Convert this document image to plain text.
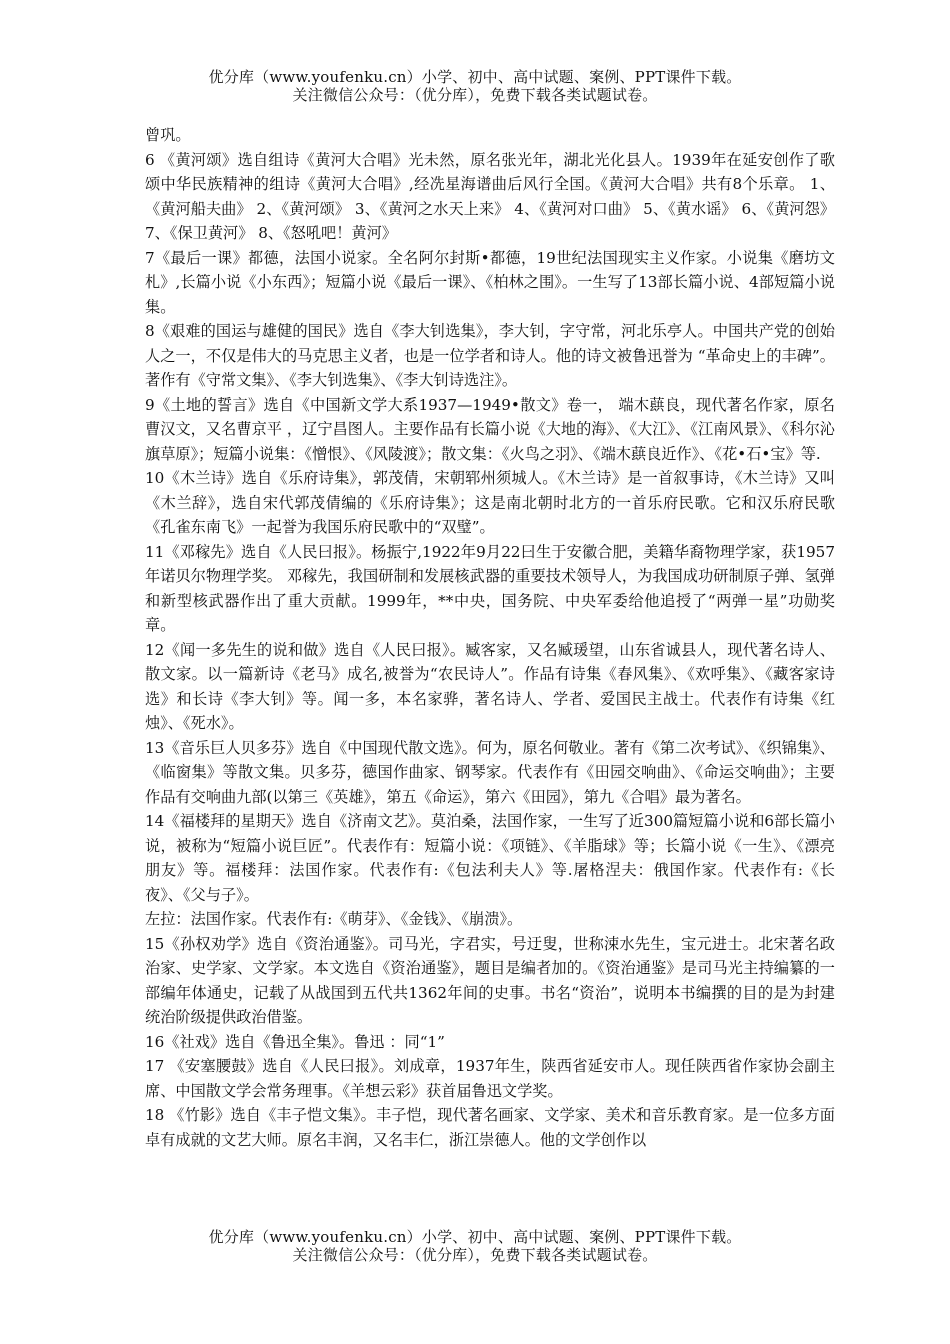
优分库（www.youfenku.cn）小学、初中、高中试题、案例、PPT课件下载。
关注微信公众号：（优分库），免费下载各类试题试卷。

曾巩。

6 《黄河颂》选自组诗《黄河大合唱》光未然，原名张光年，湖北光化县人。1939年在延安创作了歌颂中华民族精神的组诗《黄河大合唱》,经冼星海谱曲后风行全国。《黄河大合唱》共有8个乐章。 1、《黄河船夫曲》 2、《黄河颂》 3、《黄河之水天上来》 4、《黄河对口曲》 5、《黄水谣》 6、《黄河怨》 7、《保卫黄河》 8、《怒吼吧！黄河》

7《最后一课》都德，法国小说家。全名阿尔封斯•都德，19世纪法国现实主义作家。小说集《磨坊文札》,长篇小说《小东西》；短篇小说《最后一课》、《柏林之围》。一生写了13部长篇小说、4部短篇小说集。

8《艰难的国运与雄健的国民》选自《李大钊选集》，李大钊，字守常，河北乐亭人。中国共产党的创始人之一，不仅是伟大的马克思主义者，也是一位学者和诗人。他的诗文被鲁迅誉为 “革命史上的丰碑”。著作有《守常文集》、《李大钊选集》、《李大钊诗选注》。

9《土地的誓言》选自《中国新文学大系1937—1949•散文》卷一， 端木蕻良，现代著名作家，原名曹汉文，又名曹京平 ，辽宁昌图人。主要作品有长篇小说《大地的海》、《大江》、《江南风景》、《科尔沁旗草原》；短篇小说集：《憎恨》、《风陵渡》；散文集：《火鸟之羽》、《端木蕻良近作》、《花•石•宝》等.

10《木兰诗》选自《乐府诗集》，郭茂倩，宋朝郓州须城人。《木兰诗》是一首叙事诗，《木兰诗》又叫《木兰辞》，选自宋代郭茂倩编的《乐府诗集》；这是南北朝时北方的一首乐府民歌。它和汉乐府民歌《孔雀东南飞》一起誉为我国乐府民歌中的“双璧”。

11《邓稼先》选自《人民曰报》。杨振宁,1922年9月22曰生于安徽合肥，美籍华裔物理学家，获1957年诺贝尔物理学奖。 邓稼先，我国研制和发展核武器的重要技术领导人，为我国成功研制原子弹、氢弹和新型核武器作出了重大贡献。1999年，**中央，国务院、中央军委给他追授了“两弹一星”功勋奖章。

12《闻一多先生的说和做》选自《人民曰报》。臧客家，又名臧瑗望，山东省诚县人，现代著名诗人、散文家。以一篇新诗《老马》成名,被誉为“农民诗人”。作品有诗集《春风集》、《欢呼集》、《藏客家诗选》和长诗《李大钊》等。闻一多，本名家骅，著名诗人、学者、爱国民主战士。代表作有诗集《红烛》、《死水》。

13《音乐巨人贝多芬》选自《中国现代散文选》。何为，原名何敬业。著有《第二次考试》、《织锦集》、《临窗集》等散文集。贝多芬，德国作曲家、钢琴家。代表作有《田园交响曲》、《命运交响曲》；主要作品有交响曲九部(以第三《英雄》，第五《命运》，第六《田园》，第九《合唱》最为著名。

14《福楼拜的星期天》选自《济南文艺》。莫泊桑，法国作家，一生写了近300篇短篇小说和6部长篇小说，被称为“短篇小说巨匠”。代表作有：短篇小说：《项链》、《羊脂球》等；长篇小说《一生》、《漂亮朋友》等。福楼拜：法国作家。代表作有:《包法利夫人》等.屠格涅夫：俄国作家。代表作有:《长夜》、《父与子》。

左拉：法国作家。代表作有:《萌芽》、《金钱》、《崩溃》。

15《孙权劝学》选自《资治通鉴》。司马光，字君实，号迂叟，世称涑水先生，宝元进士。北宋著名政治家、史学家、文学家。本文选自《资治通鉴》，题目是编者加的。《资治通鉴》是司马光主持编纂的一部编年体通史，记载了从战国到五代共1362年间的史事。书名“资治”，说明本书编撰的目的是为封建统治阶级提供政治借鉴。

16《社戏》选自《鲁迅全集》。鲁迅 ：同“1”

17 《安塞腰鼓》选自《人民曰报》。刘成章，1937年生，陕西省延安市人。现任陕西省作家协会副主席、中国散文学会常务理事。《羊想云彩》获首届鲁迅文学奖。

18 《竹影》选自《丰子恺文集》。丰子恺，现代著名画家、文学家、美术和音乐教育家。是一位多方面卓有成就的文艺大师。原名丰润，又名丰仁，浙江崇德人。他的文学创作以

优分库（www.youfenku.cn）小学、初中、高中试题、案例、PPT课件下载。
关注微信公众号：（优分库），免费下载各类试题试卷。
